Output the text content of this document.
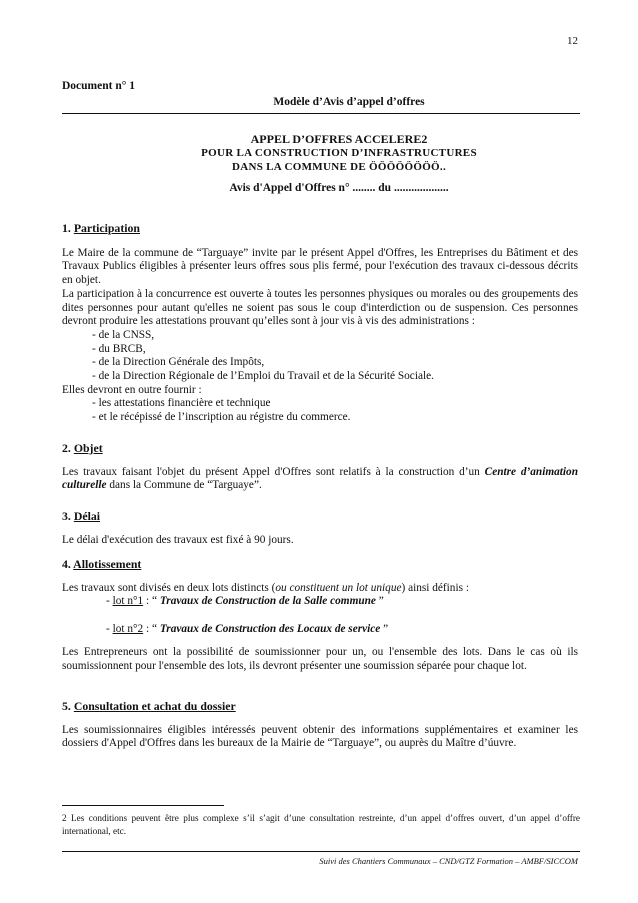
12
Document n° 1
Modèle d’Avis d’appel d’offres
APPEL D’OFFRES ACCELERE2
POUR LA CONSTRUCTION D’INFRASTRUCTURES
DANS LA COMMUNE DE ÖÖÖÖÖÖÖÖ..
Avis d'Appel d'Offres n° ........ du ...................
1. Participation

Le Maire de la commune de “Targuaye” invite par le présent Appel d'Offres, les Entreprises du Bâtiment et des Travaux Publics éligibles à présenter leurs offres sous plis fermé, pour l'exécution des travaux ci-dessous décrits en objet.

La participation à la concurrence est ouverte à toutes les personnes physiques ou morales ou des groupements des dites personnes pour autant qu'elles ne soient pas sous le coup d'interdiction ou de suspension. Ces personnes devront produire les attestations prouvant qu’elles sont à jour vis à vis des administrations :

- de la CNSS,
- du BRCB,
- de la Direction Générale des Impôts,
- de la Direction Régionale de l’Emploi du Travail et de la Sécurité Sociale.

Elles devront en outre fournir :

- les attestations financière et technique
- et le récépissé de l’inscription au régistre du commerce.
2. Objet

Les travaux faisant l'objet du présent Appel d'Offres sont relatifs à la construction d’un Centre d’animation culturelle dans la Commune de “Targuaye”.

3. Délai

Le délai d'exécution des travaux est fixé à 90 jours.

4. Allotissement

Les travaux sont divisés en deux lots distincts (ou constituent un lot unique) ainsi définis :

- lot n°1 : “ Travaux de Construction de la Salle commune ”
- lot n°2 : “ Travaux de Construction des Locaux de service ”

Les Entrepreneurs ont la possibilité de soumissionner pour un, ou l'ensemble des lots. Dans le cas où ils soumissionnent pour l'ensemble des lots, ils devront présenter une soumission séparée pour chaque lot.

5. Consultation et achat du dossier

Les soumissionnaires éligibles intéressés peuvent obtenir des informations supplémentaires et examiner les dossiers d'Appel d'Offres dans les bureaux de la Mairie de “Targuaye”, ou auprès du Maître d’úuvre.

2 Les conditions peuvent être plus complexe s’il s’agit d’une consultation restreinte, d’un appel d’offres ouvert, d’un appel d’offre international, etc.
Suivi des Chantiers Communaux – CND/GTZ Formation – AMBF/SICCOM
